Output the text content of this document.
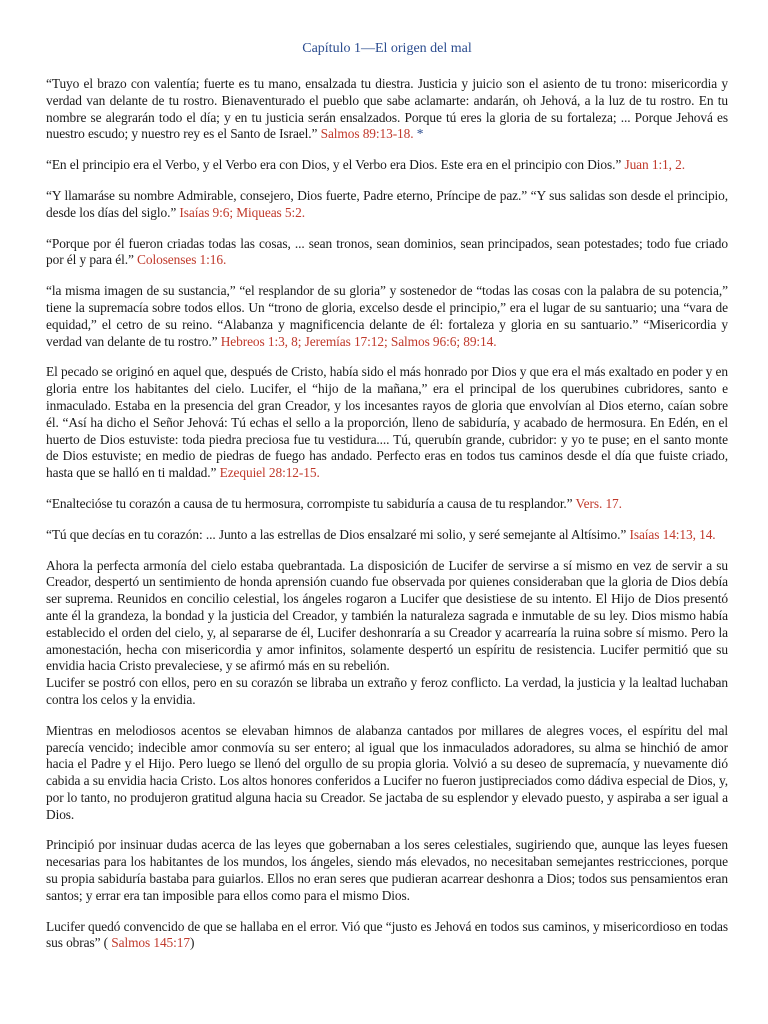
Capítulo 1—El origen del mal

“Tuyo el brazo con valentía; fuerte es tu mano, ensalzada tu diestra. Justicia y juicio son el asiento de tu trono: misericordia y verdad van delante de tu rostro. Bienaventurado el pueblo que sabe aclamarte: andarán, oh Jehová, a la luz de tu rostro. En tu nombre se alegrarán todo el día; y en tu justicia serán ensalzados. Porque tú eres la gloria de su fortaleza; ... Porque Jehová es nuestro escudo; y nuestro rey es el Santo de Israel.” Salmos 89:13-18. *

“En el principio era el Verbo, y el Verbo era con Dios, y el Verbo era Dios. Este era en el principio con Dios.” Juan 1:1, 2.

“Y llamaráse su nombre Admirable, consejero, Dios fuerte, Padre eterno, Príncipe de paz.” “Y sus salidas son desde el principio, desde los días del siglo.” Isaías 9:6; Miqueas 5:2.

“Porque por él fueron criadas todas las cosas, ... sean tronos, sean dominios, sean principados, sean potestades; todo fue criado por él y para él.” Colosenses 1:16.

“la misma imagen de su sustancia,” “el resplandor de su gloria” y sostenedor de “todas las cosas con la palabra de su potencia,” tiene la supremacía sobre todos ellos. Un “trono de gloria, excelso desde el principio,” era el lugar de su santuario; una “vara de equidad,” el cetro de su reino. “Alabanza y magnificencia delante de él: fortaleza y gloria en su santuario.” “Misericordia y verdad van delante de tu rostro.” Hebreos 1:3, 8; Jeremías 17:12; Salmos 96:6; 89:14.

El pecado se originó en aquel que, después de Cristo, había sido el más honrado por Dios y que era el más exaltado en poder y en gloria entre los habitantes del cielo. Lucifer, el “hijo de la mañana,” era el principal de los querubines cubridores, santo e inmaculado. Estaba en la presencia del gran Creador, y los incesantes rayos de gloria que envolvían al Dios eterno, caían sobre él. “Así ha dicho el Señor Jehová: Tú echas el sello a la proporción, lleno de sabiduría, y acabado de hermosura. En Edén, en el huerto de Dios estuviste: toda piedra preciosa fue tu vestidura.... Tú, querubín grande, cubridor: y yo te puse; en el santo monte de Dios estuviste; en medio de piedras de fuego has andado. Perfecto eras en todos tus caminos desde el día que fuiste criado, hasta que se halló en ti maldad.” Ezequiel 28:12-15.

“Enaltecióse tu corazón a causa de tu hermosura, corrompiste tu sabiduría a causa de tu resplandor.” Vers. 17.

“Tú que decías en tu corazón: ... Junto a las estrellas de Dios ensalzaré mi solio, y seré semejante al Altísimo.” Isaías 14:13, 14.

Ahora la perfecta armonía del cielo estaba quebrantada. La disposición de Lucifer de servirse a sí mismo en vez de servir a su Creador, despertó un sentimiento de honda aprensión cuando fue observada por quienes consideraban que la gloria de Dios debía ser suprema. Reunidos en concilio celestial, los ángeles rogaron a Lucifer que desistiese de su intento. El Hijo de Dios presentó ante él la grandeza, la bondad y la justicia del Creador, y también la naturaleza sagrada e inmutable de su ley. Dios mismo había establecido el orden del cielo, y, al separarse de él, Lucifer deshonraría a su Creador y acarrearía la ruina sobre sí mismo. Pero la amonestación, hecha con misericordia y amor infinitos, solamente despertó un espíritu de resistencia. Lucifer permitió que su envidia hacia Cristo prevaleciese, y se afirmó más en su rebelión.

Lucifer se postró con ellos, pero en su corazón se libraba un extraño y feroz conflicto. La verdad, la justicia y la lealtad luchaban contra los celos y la envidia.

Mientras en melodiosos acentos se elevaban himnos de alabanza cantados por millares de alegres voces, el espíritu del mal parecía vencido; indecible amor conmovía su ser entero; al igual que los inmaculados adoradores, su alma se hinchió de amor hacia el Padre y el Hijo. Pero luego se llenó del orgullo de su propia gloria. Volvió a su deseo de supremacía, y nuevamente dió cabida a su envidia hacia Cristo. Los altos honores conferidos a Lucifer no fueron justipreciados como dádiva especial de Dios, y, por lo tanto, no produjeron gratitud alguna hacia su Creador. Se jactaba de su esplendor y elevado puesto, y aspiraba a ser igual a Dios.

Principió por insinuar dudas acerca de las leyes que gobernaban a los seres celestiales, sugiriendo que, aunque las leyes fuesen necesarias para los habitantes de los mundos, los ángeles, siendo más elevados, no necesitaban semejantes restricciones, porque su propia sabiduría bastaba para guiarlos. Ellos no eran seres que pudieran acarrear deshonra a Dios; todos sus pensamientos eran santos; y errar era tan imposible para ellos como para el mismo Dios.

Lucifer quedó convencido de que se hallaba en el error. Vió que “justo es Jehová en todos sus caminos, y misericordioso en todas sus obras” ( Salmos 145:17)
